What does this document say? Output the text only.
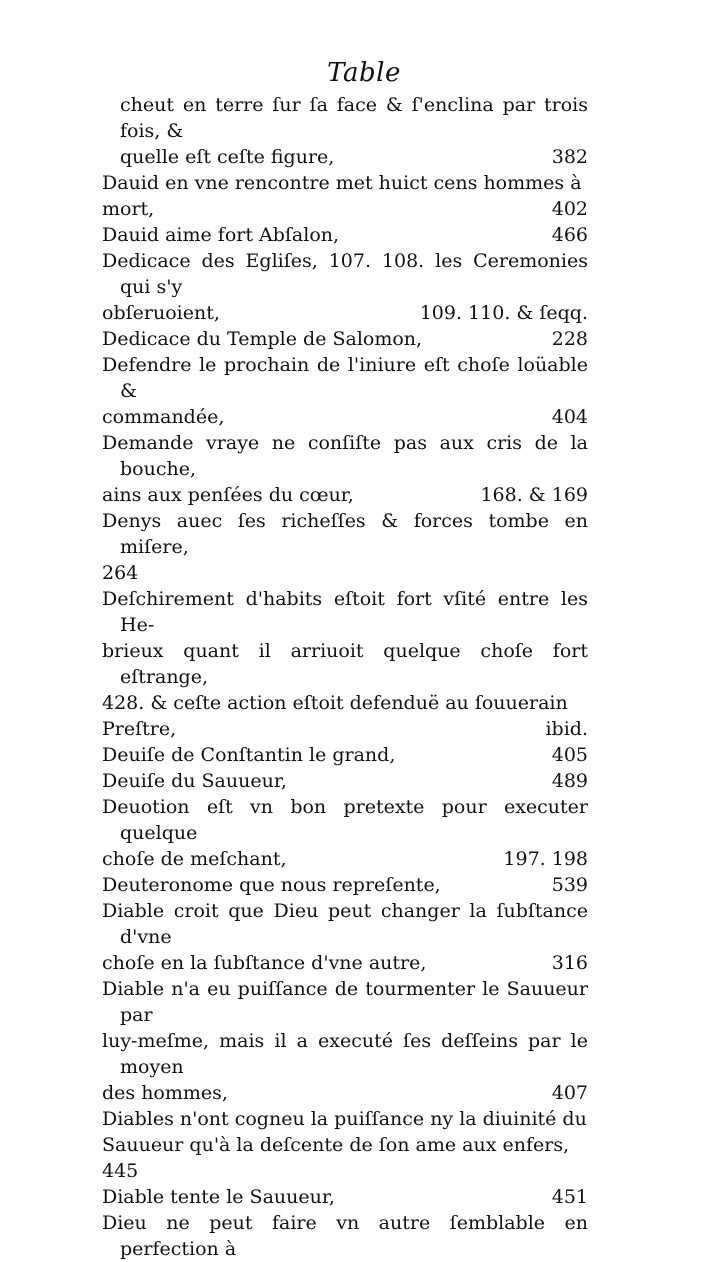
Table
cheut en terre ſur ſa face & ſ'enclina par trois fois, &
382
quelle eſt ceſte figure,
Dauid en vne rencontre met huict cens hommes à
402
mort,
466
Dauid aime fort Abſalon,
Dedicace des Egliſes, 107. 108. les Ceremonies qui s'y
109. 110. & ſeqq.
obſeruoient,
228
Dedicace du Temple de Salomon,
Defendre le prochain de l'iniure eſt choſe loüable &
404
commandée,
Demande vraye ne conſiſte pas aux cris de la bouche,
168. & 169
ains aux penſées du cœur,
Denys auec ſes richeſſes & forces tombe en miſere,
264
Deſchirement d'habits eſtoit fort vſité entre les He-
brieux quant il arriuoit quelque choſe fort eſtrange,
428. & ceſte action eſtoit defenduë au ſouuerain
ibid.
Preſtre,
405
Deuiſe de Conſtantin le grand,
489
Deuiſe du Sauueur,
Deuotion eſt vn bon pretexte pour executer quelque
197. 198
choſe de meſchant,
539
Deuteronome que nous repreſente,
Diable croit que Dieu peut changer la ſubſtance d'vne
316
choſe en la ſubſtance d'vne autre,
Diable n'a eu puiſſance de tourmenter le Sauueur par
luy-meſme, mais il a executé ſes deſſeins par le moyen
407
des hommes,
Diables n'ont cogneu la puiſſance ny la diuinité du
Sauueur qu'à la deſcente de ſon ame aux enfers,
445
451
Diable tente le Sauueur,
Dieu ne peut faire vn autre ſemblable en perfection à
